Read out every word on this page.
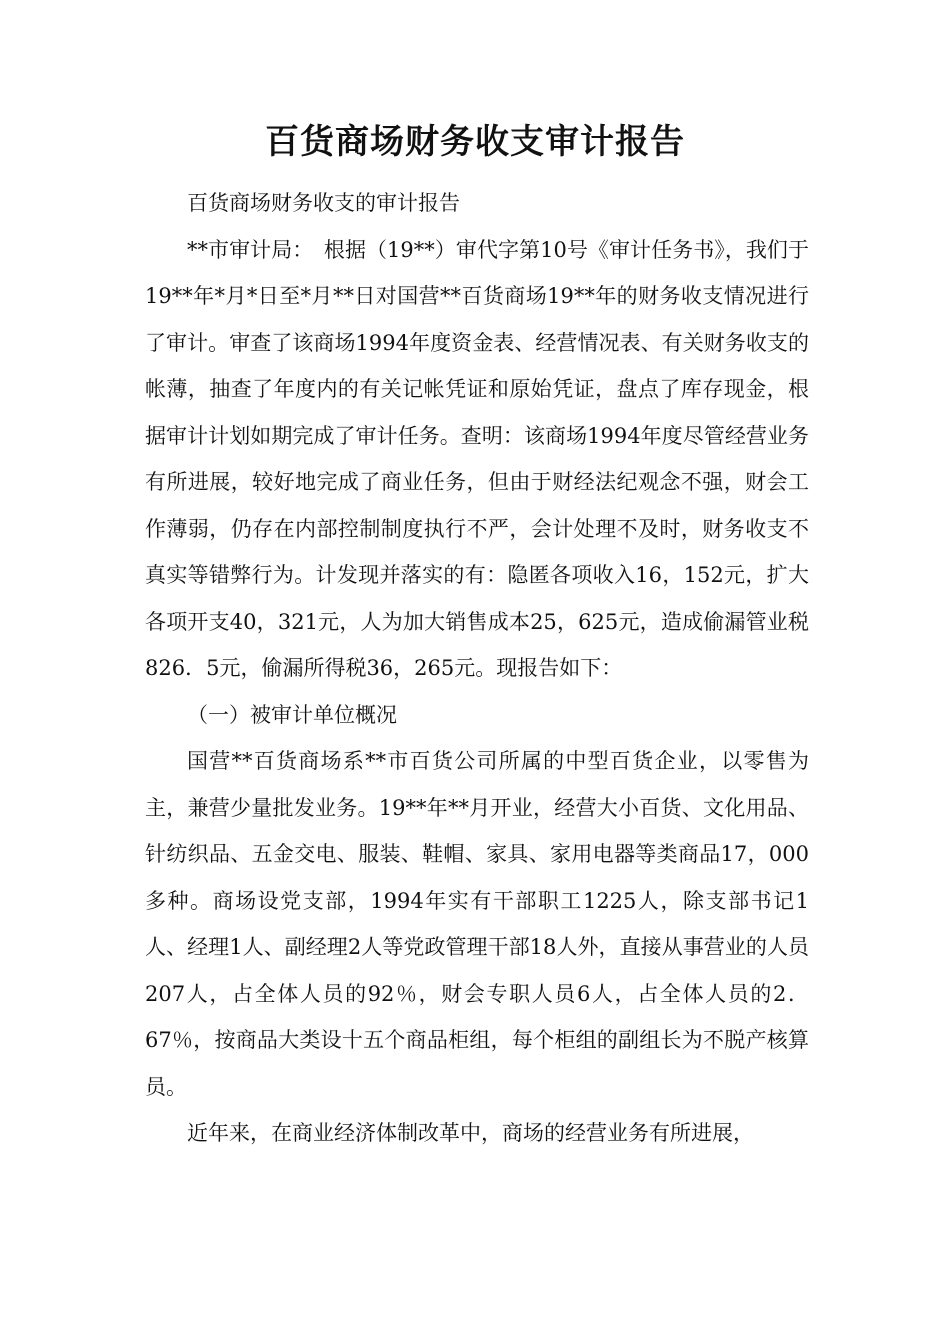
百货商场财务收支审计报告

百货商场财务收支的审计报告

**市审计局：　根据（19**）审代字第10号《审计任务书》，我们于19**年*月*日至*月**日对国营**百货商场19**年的财务收支情况进行了审计。审查了该商场1994年度资金表、经营情况表、有关财务收支的帐薄，抽查了年度内的有关记帐凭证和原始凭证，盘点了库存现金，根据审计计划如期完成了审计任务。查明：该商场1994年度尽管经营业务有所进展，较好地完成了商业任务，但由于财经法纪观念不强，财会工作薄弱，仍存在内部控制制度执行不严，会计处理不及时，财务收支不真实等错弊行为。计发现并落实的有：隐匿各项收入16，152元，扩大各项开支40，321元，人为加大销售成本25，625元，造成偷漏管业税826．5元，偷漏所得税36，265元。现报告如下：

（一）被审计单位概况

国营**百货商场系**市百货公司所属的中型百货企业，以零售为主，兼营少量批发业务。19**年**月开业，经营大小百货、文化用品、针纺织品、五金交电、服装、鞋帽、家具、家用电器等类商品17，000多种。商场设党支部，1994年实有干部职工1225人，除支部书记1人、经理1人、副经理2人等党政管理干部18人外，直接从事营业的人员207人，占全体人员的92％，财会专职人员6人，占全体人员的2．67％，按商品大类设十五个商品柜组，每个柜组的副组长为不脱产核算员。

近年来，在商业经济体制改革中，商场的经营业务有所进展，
